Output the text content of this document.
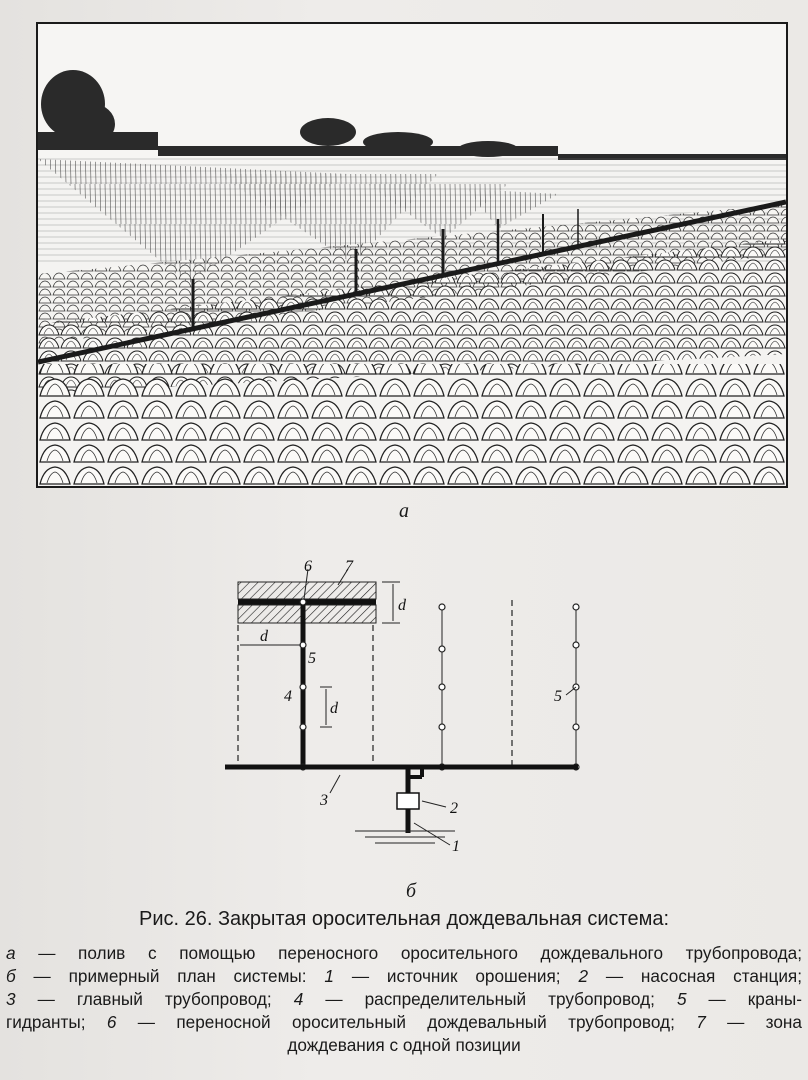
а
6 7
d
d
5
4
d
5
3	2
1
б
Рис. 26. Закрытая оросительная дождевальная система:
а — полив с помощью переносного оросительного дождевального трубопровода;
б — примерный план системы: 1 — источник орошения; 2 — насосная станция;
3 — главный трубопровод; 4 — распределительный трубопровод; 5 — краны-
гидранты; 6 — переносной оросительный дождевальный трубопровод; 7 — зона
дождевания с одной позиции
